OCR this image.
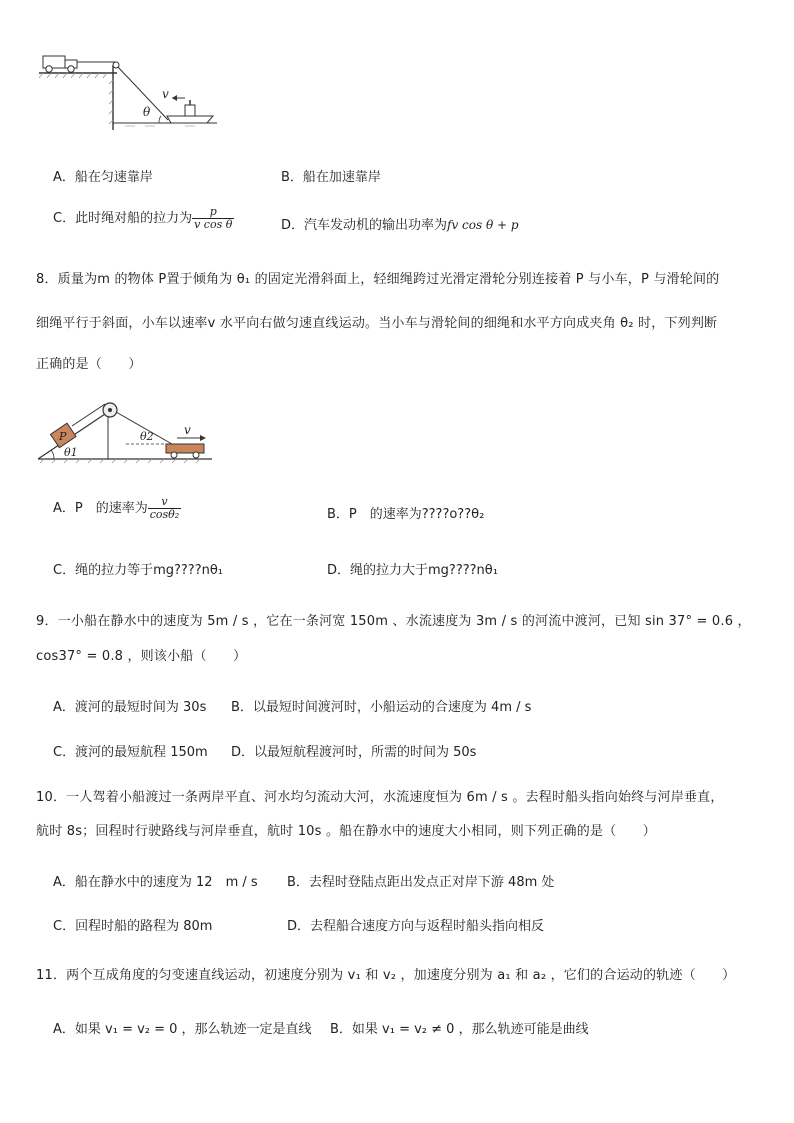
v
θ
A．船在匀速靠岸	B．船在加速靠岸
C．此时绳对船的拉力为 $\frac{p}{\text{v cos θ}}$	D．汽车发动机的输出功率为fv cos θ + p
8．质量为m 的物体 P置于倾角为 θ₁ 的固定光滑斜面上，轻细绳跨过光滑定滑轮分别连接着 P 与小车，P 与滑轮间的
细绳平行于斜面，小车以速率v 水平向右做匀速直线运动。当小车与滑轮间的细绳和水平方向成夹角 θ₂ 时，下列判断
正确的是（　　）
P	v
θ2
θ1
A．P　的速率为 $\frac{v}{\text{cosθ₂}}$	B．P　的速率为????o??θ₂
C．绳的拉力等于mg????nθ₁	D．绳的拉力大于mg????nθ₁
9．一小船在静水中的速度为 5m / s ，它在一条河宽 150m 、水流速度为 3m / s 的河流中渡河，已知 sin 37° = 0.6 ，
cos37° = 0.8 ，则该小船（　　）
A．渡河的最短时间为 30s B．以最短时间渡河时，小船运动的合速度为 4m / s
C．渡河的最短航程 150m D．以最短航程渡河时，所需的时间为 50s
10．一人驾着小船渡过一条两岸平直、河水均匀流动大河，水流速度恒为 6m / s 。去程时船头指向始终与河岸垂直，
航时 8s；回程时行驶路线与河岸垂直，航时 10s 。船在静水中的速度大小相同，则下列正确的是（　　）
A．船在静水中的速度为 12　m / s B．去程时登陆点距出发点正对岸下游 48m 处
C．回程时船的路程为 80m	D．去程船合速度方向与返程时船头指向相反
11．两个互成角度的匀变速直线运动，初速度分别为 v₁ 和 v₂ ，加速度分别为 a₁ 和 a₂ ，它们的合运动的轨迹（　　）
A．如果 v₁ = v₂ = 0 ，那么轨迹一定是直线 B．如果 v₁ = v₂ ≠ 0 ，那么轨迹可能是曲线
